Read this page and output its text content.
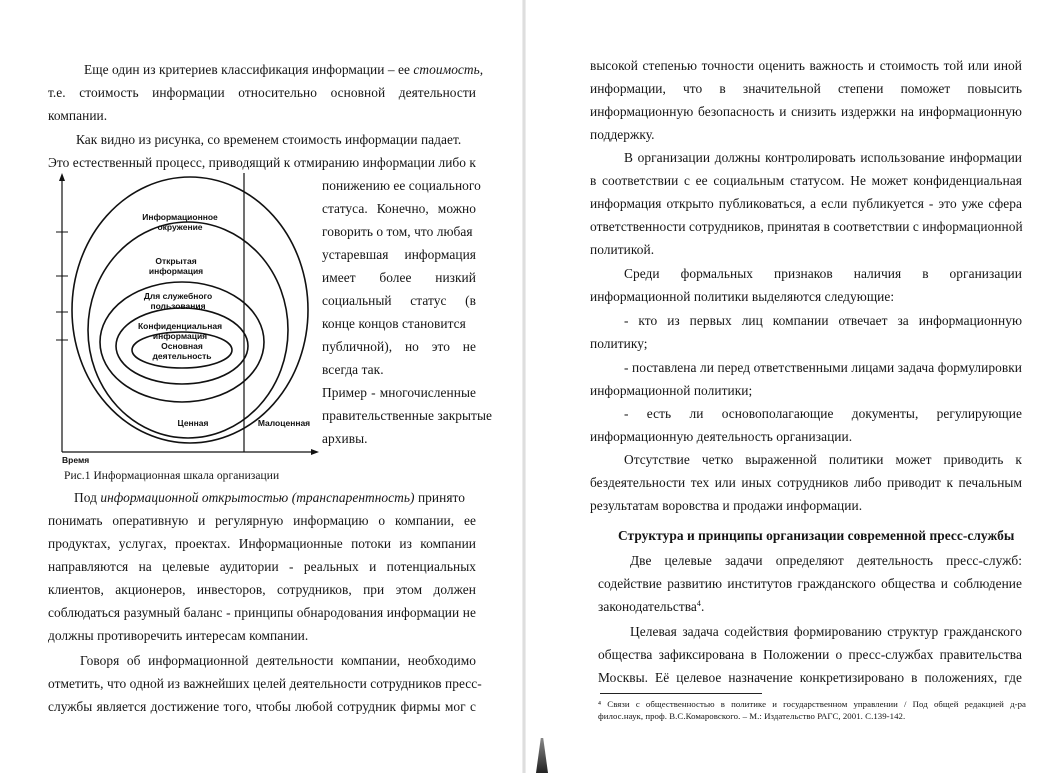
Еще один из критериев классификация информации – ее стоимость,
т.е. стоимость информации относительно основной деятельности
компании.
Как видно из рисунка, со временем стоимость информации падает.
Это естественный процесс, приводящий к отмиранию информации либо к
понижению ее социального
статуса. Конечно, можно
говорить о том, что любая
устаревшая информация
имеет более низкий
социальный статус (в
конце концов становится
публичной), но это не
всегда так.
Пример - многочисленные
правительственные закрытые
архивы.
Информационное
окружение
Открытая
информация
Для служебного
пользования
Конфиденциальная
информация
Основная
деятельность
Ценная	Малоценная
Время
Рис.1 Информационная шкала организации
Под информационной открытостью (транспарентность) принято
понимать оперативную и регулярную информацию о компании, ее
продуктах, услугах, проектах. Информационные потоки из компании
направляются на целевые аудитории - реальных и потенциальных
клиентов, акционеров, инвесторов, сотрудников, при этом должен
соблюдаться разумный баланс - принципы обнародования информации не
должны противоречить интересам компании.
Говоря об информационной деятельности компании, необходимо
отметить, что одной из важнейших целей деятельности сотрудников пресс-
службы является достижение того, чтобы любой сотрудник фирмы мог с
высокой степенью точности оценить важность и стоимость той или иной
информации, что в значительной степени поможет повысить
информационную безопасность и снизить издержки на информационную
поддержку.
В организации должны контролировать использование информации
в соответствии с ее социальным статусом. Не может конфиденциальная
информация открыто публиковаться, а если публикуется - это уже сфера
ответственности сотрудников, принятая в соответствии с информационной
политикой.
Среди формальных признаков наличия в организации
информационной политики выделяются следующие:
- кто из первых лиц компании отвечает за информационную
политику;
- поставлена ли перед ответственными лицами задача формулировки
информационной политики;
- есть ли основополагающие документы, регулирующие
информационную деятельность организации.
Отсутствие четко выраженной политики может приводить к
бездеятельности тех или иных сотрудников либо приводит к печальным
результатам воровства и продажи информации.
Структура и принципы организации современной пресс-службы
Две целевые задачи определяют деятельность пресс-служб:
содействие развитию институтов гражданского общества и соблюдение
законодательства$^4$.
Целевая задача содействия формированию структур гражданского
общества зафиксирована в Положении о пресс-службах правительства
Москвы. Её целевое назначение конкретизировано в положениях, где
⁴ Связи с общественностью в политике и государственном управлении / Под общей редакцией д-ра
филос.наук, проф. В.С.Комаровского. – М.: Издательство РАГС, 2001. С.139-142.
